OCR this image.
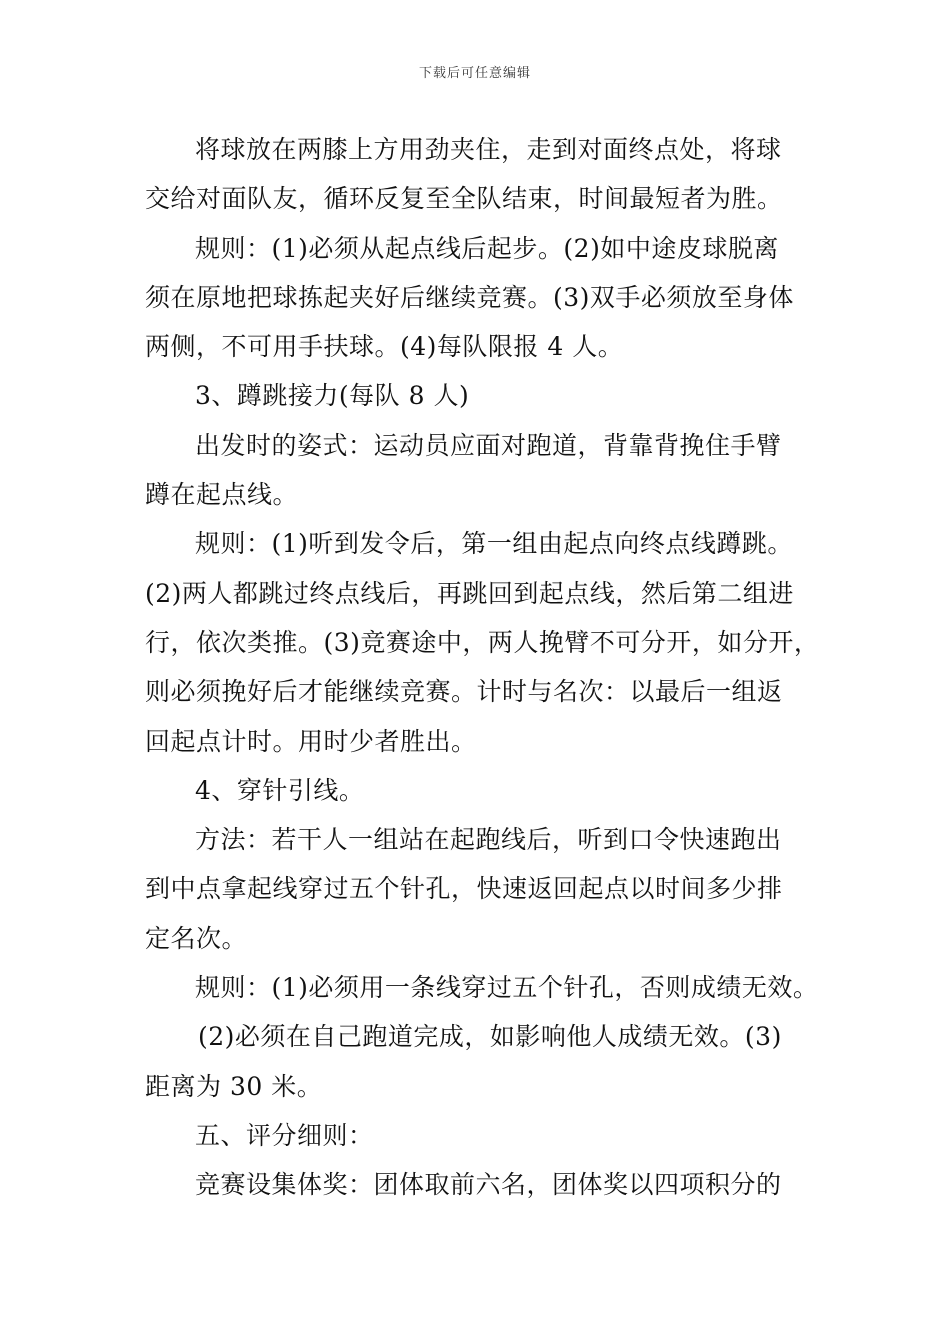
下载后可任意编辑
将球放在两膝上方用劲夹住，走到对面终点处，将球
交给对面队友，循环反复至全队结束，时间最短者为胜。
规则：(1)必须从起点线后起步。(2)如中途皮球脱离
须在原地把球拣起夹好后继续竞赛。(3)双手必须放至身体
两侧，不可用手扶球。(4)每队限报 4 人。
3、蹲跳接力(每队 8 人)
出发时的姿式：运动员应面对跑道，背靠背挽住手臂
蹲在起点线。
规则：(1)听到发令后，第一组由起点向终点线蹲跳。
(2)两人都跳过终点线后，再跳回到起点线，然后第二组进
行，依次类推。(3)竞赛途中，两人挽臂不可分开，如分开，
则必须挽好后才能继续竞赛。计时与名次：以最后一组返
回起点计时。用时少者胜出。
4、穿针引线。
方法：若干人一组站在起跑线后，听到口令快速跑出
到中点拿起线穿过五个针孔，快速返回起点以时间多少排
定名次。
规则：(1)必须用一条线穿过五个针孔，否则成绩无效。
(2)必须在自己跑道完成，如影响他人成绩无效。(3)
距离为 30 米。
五、评分细则：
竞赛设集体奖：团体取前六名，团体奖以四项积分的
